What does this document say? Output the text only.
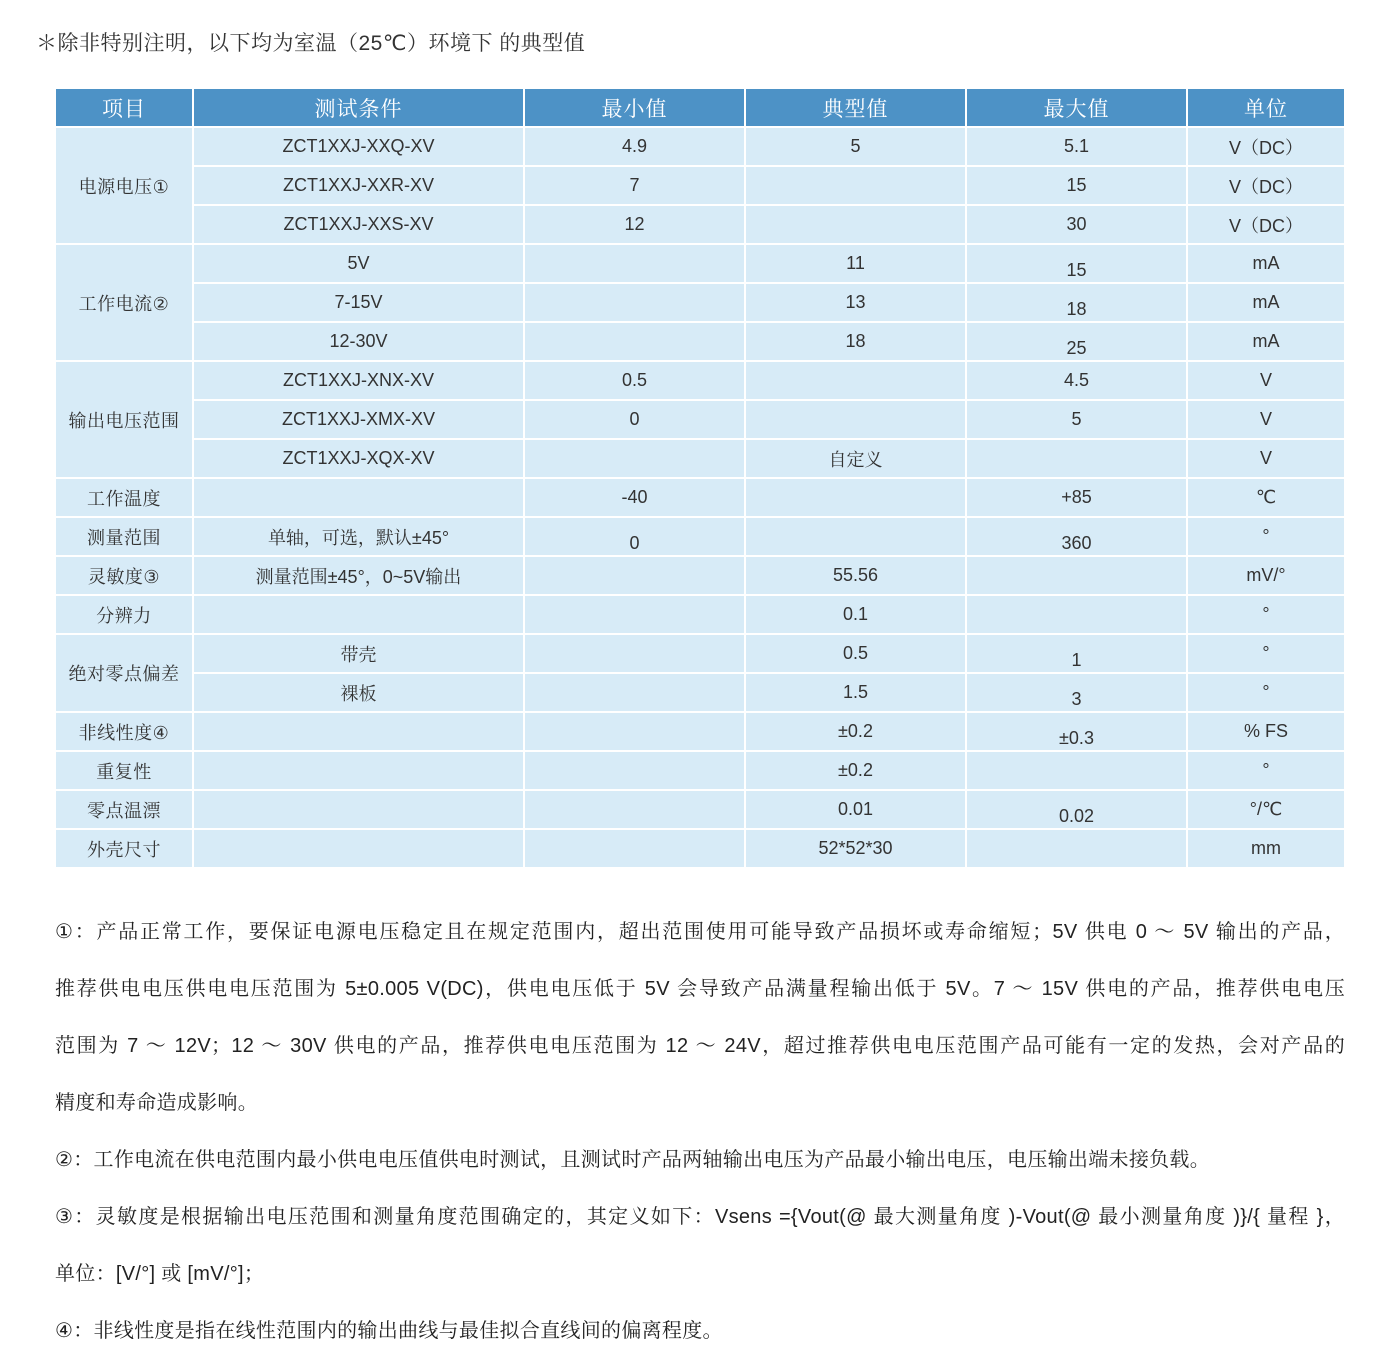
＊除非特别注明，以下均为室温（25℃）环境下 的典型值
项目	测试条件	最小值	典型值	最大值	单位
电源电压①	ZCT1XXJ-XXQ-XV	4.9	5	5.1	V（DC）
	ZCT1XXJ-XXR-XV	7		15	V（DC）
	ZCT1XXJ-XXS-XV	12		30	V（DC）
工作电流②	5V		11	15	mA
	7-15V		13	18	mA
	12-30V		18	25	mA
输出电压范围	ZCT1XXJ-XNX-XV	0.5		4.5	V
	ZCT1XXJ-XMX-XV	0		5	V
	ZCT1XXJ-XQX-XV		自定义		V
工作温度		-40		+85	℃
测量范围	单轴，可选，默认±45°	0		360	°
灵敏度③	测量范围±45°，0~5V输出		55.56		mV/°
分辨力			0.1		°
绝对零点偏差	带壳		0.5	1	°
	裸板		1.5	3	°
非线性度④			±0.2	±0.3	% FS
重复性			±0.2		°
零点温漂			0.01	0.02	°/℃
外壳尺寸			52*52*30		mm
①：产品正常工作，要保证电源电压稳定且在规定范围内，超出范围使用可能导致产品损坏或寿命缩短；5V 供电 0 ～ 5V 输出的产品，
推荐供电电压供电电压范围为 5±0.005 V(DC)，供电电压低于 5V 会导致产品满量程输出低于 5V。7 ～ 15V 供电的产品，推荐供电电压
范围为 7 ～ 12V；12 ～ 30V 供电的产品，推荐供电电压范围为 12 ～ 24V，超过推荐供电电压范围产品可能有一定的发热，会对产品的
精度和寿命造成影响。
②：工作电流在供电范围内最小供电电压值供电时测试，且测试时产品两轴输出电压为产品最小输出电压，电压输出端未接负载。
③：灵敏度是根据输出电压范围和测量角度范围确定的，其定义如下：Vsens ={Vout(@ 最大测量角度 )-Vout(@ 最小测量角度 )}/{ 量程 }，
单位：[V/°] 或 [mV/°]；
④：非线性度是指在线性范围内的输出曲线与最佳拟合直线间的偏离程度。
